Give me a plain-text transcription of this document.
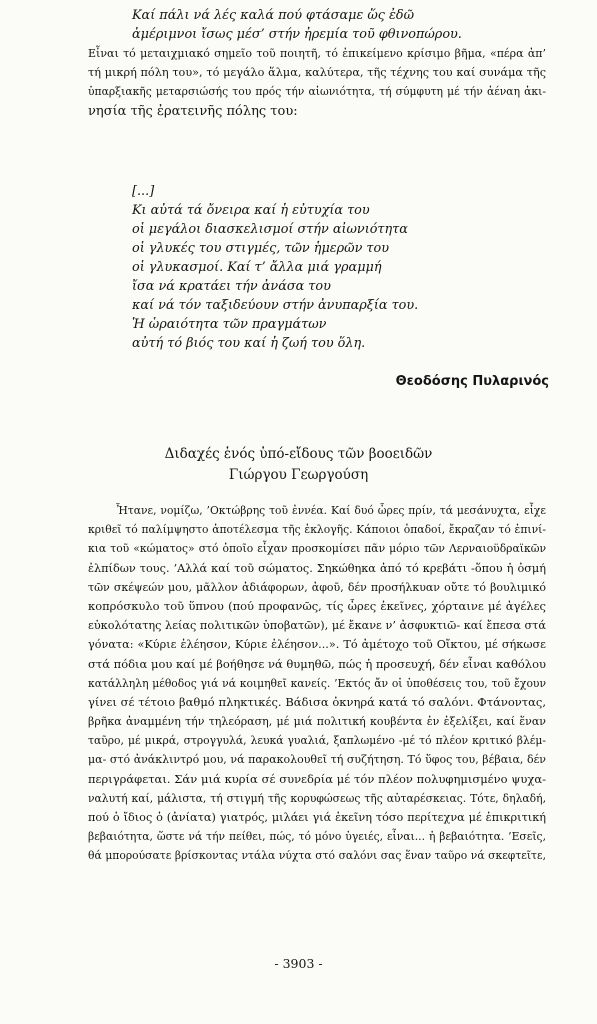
Καί πάλι νά λές καλά πού φτάσαμε ὥς ἐδῶ
ἀμέριμνοι ἴσως μέσ’ στήν ἠρεμία τοῦ φθινοπώρου.
Εἶναι τό μεταιχμιακό σημεῖο τοῦ ποιητῆ, τό ἐπικείμενο κρίσιμο βῆμα, «πέρα ἀπ’
τή μικρή πόλη του», τό μεγάλο ἅλμα, καλύτερα, τῆς τέχνης του καί συνάμα τῆς
ὑπαρξιακῆς μεταρσιώσής του πρός τήν αἰωνιότητα, τή σύμφυτη μέ τήν ἀέναη ἀκι-
νησία τῆς ἐρατεινῆς πόλης του:
[...]
Κι αὐτά τά ὄνειρα καί ἡ εὐτυχία του
οἱ μεγάλοι διασκελισμοί στήν αἰωνιότητα
οἱ γλυκές του στιγμές, τῶν ἡμερῶν του
οἱ γλυκασμοί. Καί τ’ ἄλλα μιά γραμμή
ἴσα νά κρατάει τήν ἀνάσα του
καί νά τόν ταξιδεύουν στήν ἀνυπαρξία του.
Ἡ ὡραιότητα τῶν πραγμάτων
αὐτή τό βιός του καί ἡ ζωή του ὅλη.
Θεοδόσης Πυλαρινός
Διδαχές ἑνός ὑπό-εἴδους τῶν βοοειδῶν
Γιώργου Γεωργούση
Ἦτανε, νομίζω, ’Οκτώβρης τοῦ ἐννέα. Καί δυό ὧρες πρίν, τά μεσάνυχτα, εἶχε
κριθεῖ τό παλίμψηστο ἀποτέλεσμα τῆς ἐκλογῆς. Κάποιοι ὁπαδοί, ἔκραζαν τό ἐπινί-
κια τοῦ «κώματος» στό ὁποῖο εἶχαν προσκομίσει πᾶν μόριο τῶν Λερναιοϋδραϊκῶν
ἐλπίδων τους. ’Αλλά καί τοῦ σώματος. Σηκώθηκα ἀπό τό κρεβάτι -ὅπου ἡ ὀσμή
τῶν σκέψεών μου, μᾶλλον ἀδιάφορων, ἀφοῦ, δέν προσήλκυαν οὔτε τό βουλιμικό
κοπρόσκυλο τοῦ ὕπνου (πού προφανῶς, τίς ὧρες ἐκεῖνες, χόρταινε μέ ἀγέλες
εὐκολότατης λείας πολιτικῶν ὑποβατῶν), μέ ἔκανε ν’ ἀσφυκτιῶ- καί ἔπεσα στά
γόνατα: «Κύριε ἐλέησον, Κύριε ἐλέησον...». Τό ἀμέτοχο τοῦ Οἴκτου, μέ σήκωσε
στά πόδια μου καί μέ βοήθησε νά θυμηθῶ, πώς ἡ προσευχή, δέν εἶναι καθόλου
κατάλληλη μέθοδος γιά νά κοιμηθεῖ κανείς. ’Εκτός ἄν οἱ ὑποθέσεις του, τοῦ ἔχουν
γίνει σέ τέτοιο βαθμό πληκτικές. Βάδισα ὀκνηρά κατά τό σαλόνι. Φτάνοντας,
βρῆκα ἀναμμένη τήν τηλεόραση, μέ μιά πολιτική κουβέντα ἐν ἐξελίξει, καί ἕναν
ταῦρο, μέ μικρά, στρογγυλά, λευκά γυαλιά, ξαπλωμένο -μέ τό πλέον κριτικό βλέμ-
μα- στό ἀνάκλιντρό μου, νά παρακολουθεῖ τή συζήτηση. Τό ὕφος του, βέβαια, δέν
περιγράφεται. Σάν μιά κυρία σέ συνεδρία μέ τόν πλέον πολυφημισμένο ψυχα-
ναλυτή καί, μάλιστα, τή στιγμή τῆς κορυφώσεως τῆς αὐταρέσκειας. Τότε, δηλαδή,
πού ὁ ἴδιος ὁ (ἀνίατα) γιατρός, μιλάει γιά ἐκεῖνη τόσο περίτεχνα μέ ἐπικριτική
βεβαιότητα, ὥστε νά τήν πείθει, πώς, τό μόνο ὑγειές, εἶναι... ἡ βεβαιότητα. ’Εσεῖς,
θά μπορούσατε βρίσκοντας ντάλα νύχτα στό σαλόνι σας ἕναν ταῦρο νά σκεφτεῖτε,
- 3903 -
